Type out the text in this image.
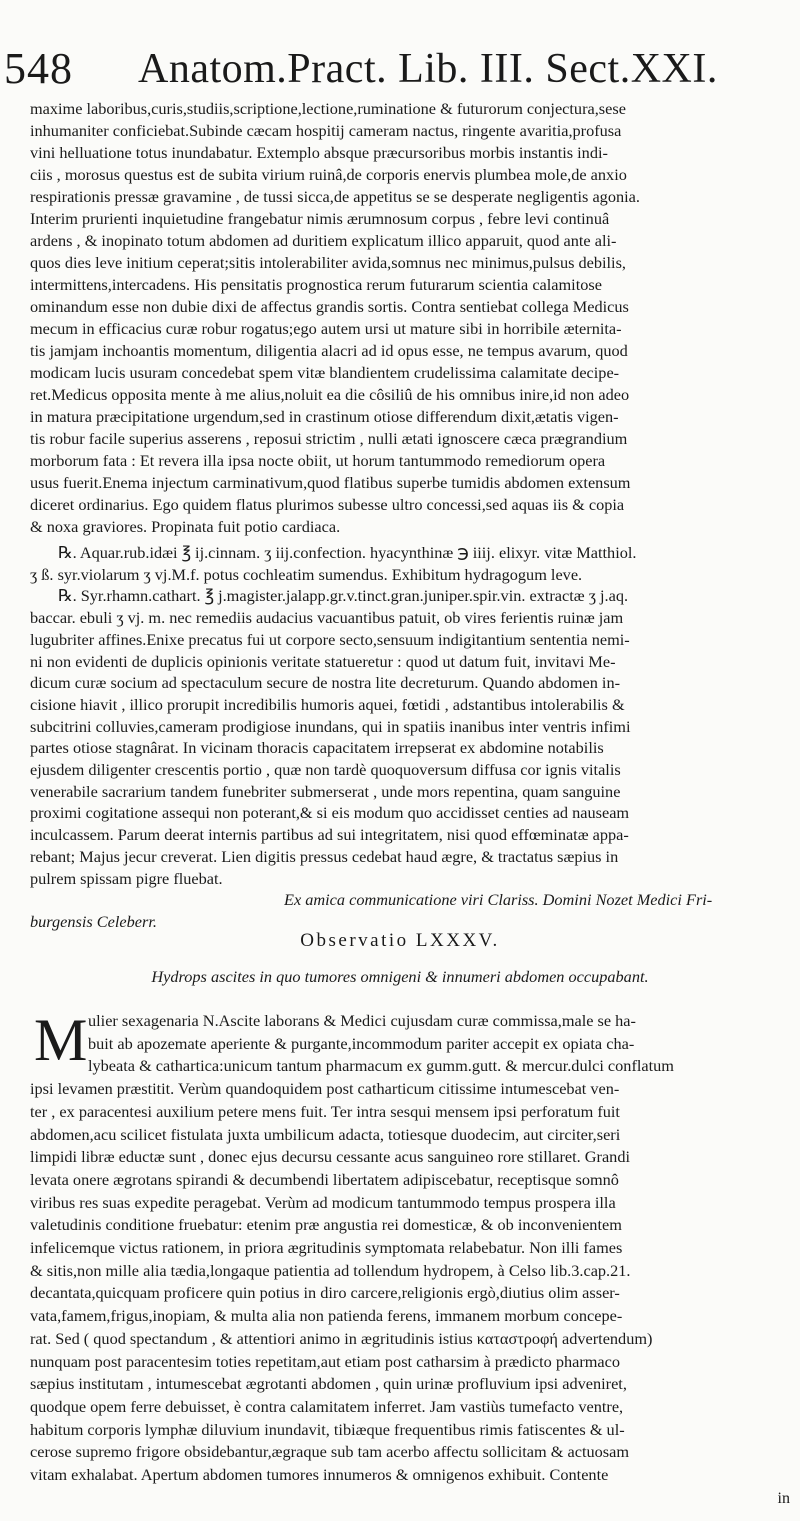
548 Anatom.Pract. Lib. III. Sect.XXI.
maxime laboribus,curis,studiis,scriptione,lectione,ruminatione & futurorum conjectura,sese
inhumaniter conficiebat.Subinde cæcam hospitij cameram nactus, ringente avaritia,profusa
vini helluatione totus inundabatur. Extemplo absque præcursoribus morbis instantis indi-
ciis , morosus questus est de subita virium ruinâ,de corporis enervis plumbea mole,de anxio
respirationis pressæ gravamine , de tussi sicca,de appetitus se se desperate negligentis agonia.
Interim prurienti inquietudine frangebatur nimis ærumnosum corpus , febre levi continuâ
ardens , & inopinato totum abdomen ad duritiem explicatum illico apparuit, quod ante ali-
quos dies leve initium ceperat;sitis intolerabiliter avida,somnus nec minimus,pulsus debilis,
intermittens,intercadens. His pensitatis prognostica rerum futurarum scientia calamitose
ominandum esse non dubie dixi de affectus grandis sortis. Contra sentiebat collega Medicus
mecum in efficacius curæ robur rogatus;ego autem ursi ut mature sibi in horribile æternita-
tis jamjam inchoantis momentum, diligentia alacri ad id opus esse, ne tempus avarum, quod
modicam lucis usuram concedebat spem vitæ blandientem crudelissima calamitate decipe-
ret.Medicus opposita mente à me alius,noluit ea die côsiliû de his omnibus inire,id non adeo
in matura præcipitatione urgendum,sed in crastinum otiose differendum dixit,ætatis vigen-
tis robur facile superius asserens , reposui strictim , nulli ætati ignoscere cæca prægrandium
morborum fata : Et revera illa ipsa nocte obiit, ut horum tantummodo remediorum opera
usus fuerit.Enema injectum carminativum,quod flatibus superbe tumidis abdomen extensum
diceret ordinarius. Ego quidem flatus plurimos subesse ultro concessi,sed aquas iis & copia
& noxa graviores. Propinata fuit potio cardiaca.
℞. Aquar.rub.idæi ℥ ij.cinnam. ʒ iij.confection. hyacynthinæ ℈ iiij. elixyr. vitæ Matthiol.
ʒ ß. syr.violarum ʒ vj.M.f. potus cochleatim sumendus. Exhibitum hydragogum leve.
℞. Syr.rhamn.cathart. ℥ j.magister.jalapp.gr.v.tinct.gran.juniper.spir.vin. extractæ ʒ j.aq.
baccar. ebuli ʒ vj. m. nec remediis audacius vacuantibus patuit, ob vires ferientis ruinæ jam
lugubriter affines.Enixe precatus fui ut corpore secto,sensuum indigitantium sententia nemi-
ni non evidenti de duplicis opinionis veritate statueretur : quod ut datum fuit, invitavi Me-
dicum curæ socium ad spectaculum secure de nostra lite decreturum. Quando abdomen in-
cisione hiavit , illico prorupit incredibilis humoris aquei, fœtidi , adstantibus intolerabilis &
subcitrini colluvies,cameram prodigiose inundans, qui in spatiis inanibus inter ventris infimi
partes otiose stagnârat. In vicinam thoracis capacitatem irrepserat ex abdomine notabilis
ejusdem diligenter crescentis portio , quæ non tardè quoquoversum diffusa cor ignis vitalis
venerabile sacrarium tandem funebriter submerserat , unde mors repentina, quam sanguine
proximi cogitatione assequi non poterant,& si eis modum quo accidisset centies ad nauseam
inculcassem. Parum deerat internis partibus ad sui integritatem, nisi quod effœminatæ appa-
rebant; Majus jecur creverat. Lien digitis pressus cedebat haud ægre, & tractatus sæpius in
pulrem spissam pigre fluebat.
Ex amica communicatione viri Clariss. Domini Nozet Medici Fri-
burgensis Celeberr.
Observatio LXXXV.
Hydrops ascites in quo tumores omnigeni & innumeri abdomen occupabant.
M ulier sexagenaria N.Ascite laborans & Medici cujusdam curæ commissa,male se ha-
buit ab apozemate aperiente & purgante,incommodum pariter accepit ex opiata cha-
lybeata & cathartica:unicum tantum pharmacum ex gumm.gutt. & mercur.dulci conflatum
ipsi levamen præstitit. Verùm quandoquidem post catharticum citissime intumescebat ven-
ter , ex paracentesi auxilium petere mens fuit. Ter intra sesqui mensem ipsi perforatum fuit
abdomen,acu scilicet fistulata juxta umbilicum adacta, totiesque duodecim, aut circiter,seri
limpidi libræ eductæ sunt , donec ejus decursu cessante acus sanguineo rore stillaret. Grandi
levata onere ægrotans spirandi & decumbendi libertatem adipiscebatur, receptisque somnô
viribus res suas expedite peragebat. Verùm ad modicum tantummodo tempus prospera illa
valetudinis conditione fruebatur: etenim præ angustia rei domesticæ, & ob inconvenientem
infelicemque victus rationem, in priora ægritudinis symptomata relabebatur. Non illi fames
& sitis,non mille alia tædia,longaque patientia ad tollendum hydropem, à Celso lib.3.cap.21.
decantata,quicquam proficere quin potius in diro carcere,religionis ergò,diutius olim asser-
vata,famem,frigus,inopiam, & multa alia non patienda ferens, immanem morbum concepe-
rat. Sed ( quod spectandum , & attentiori animo in ægritudinis istius καταστροφή advertendum)
nunquam post paracentesim toties repetitam,aut etiam post catharsim à prædicto pharmaco
sæpius institutam , intumescebat ægrotanti abdomen , quin urinæ profluvium ipsi adveniret,
quodque opem ferre debuisset, è contra calamitatem inferret. Jam vastiùs tumefacto ventre,
habitum corporis lymphæ diluvium inundavit, tibiæque frequentibus rimis fatiscentes & ul-
cerose supremo frigore obsidebantur,ægraque sub tam acerbo affectu sollicitam & actuosam
vitam exhalabat. Apertum abdomen tumores innumeros & omnigenos exhibuit. Contente
in
